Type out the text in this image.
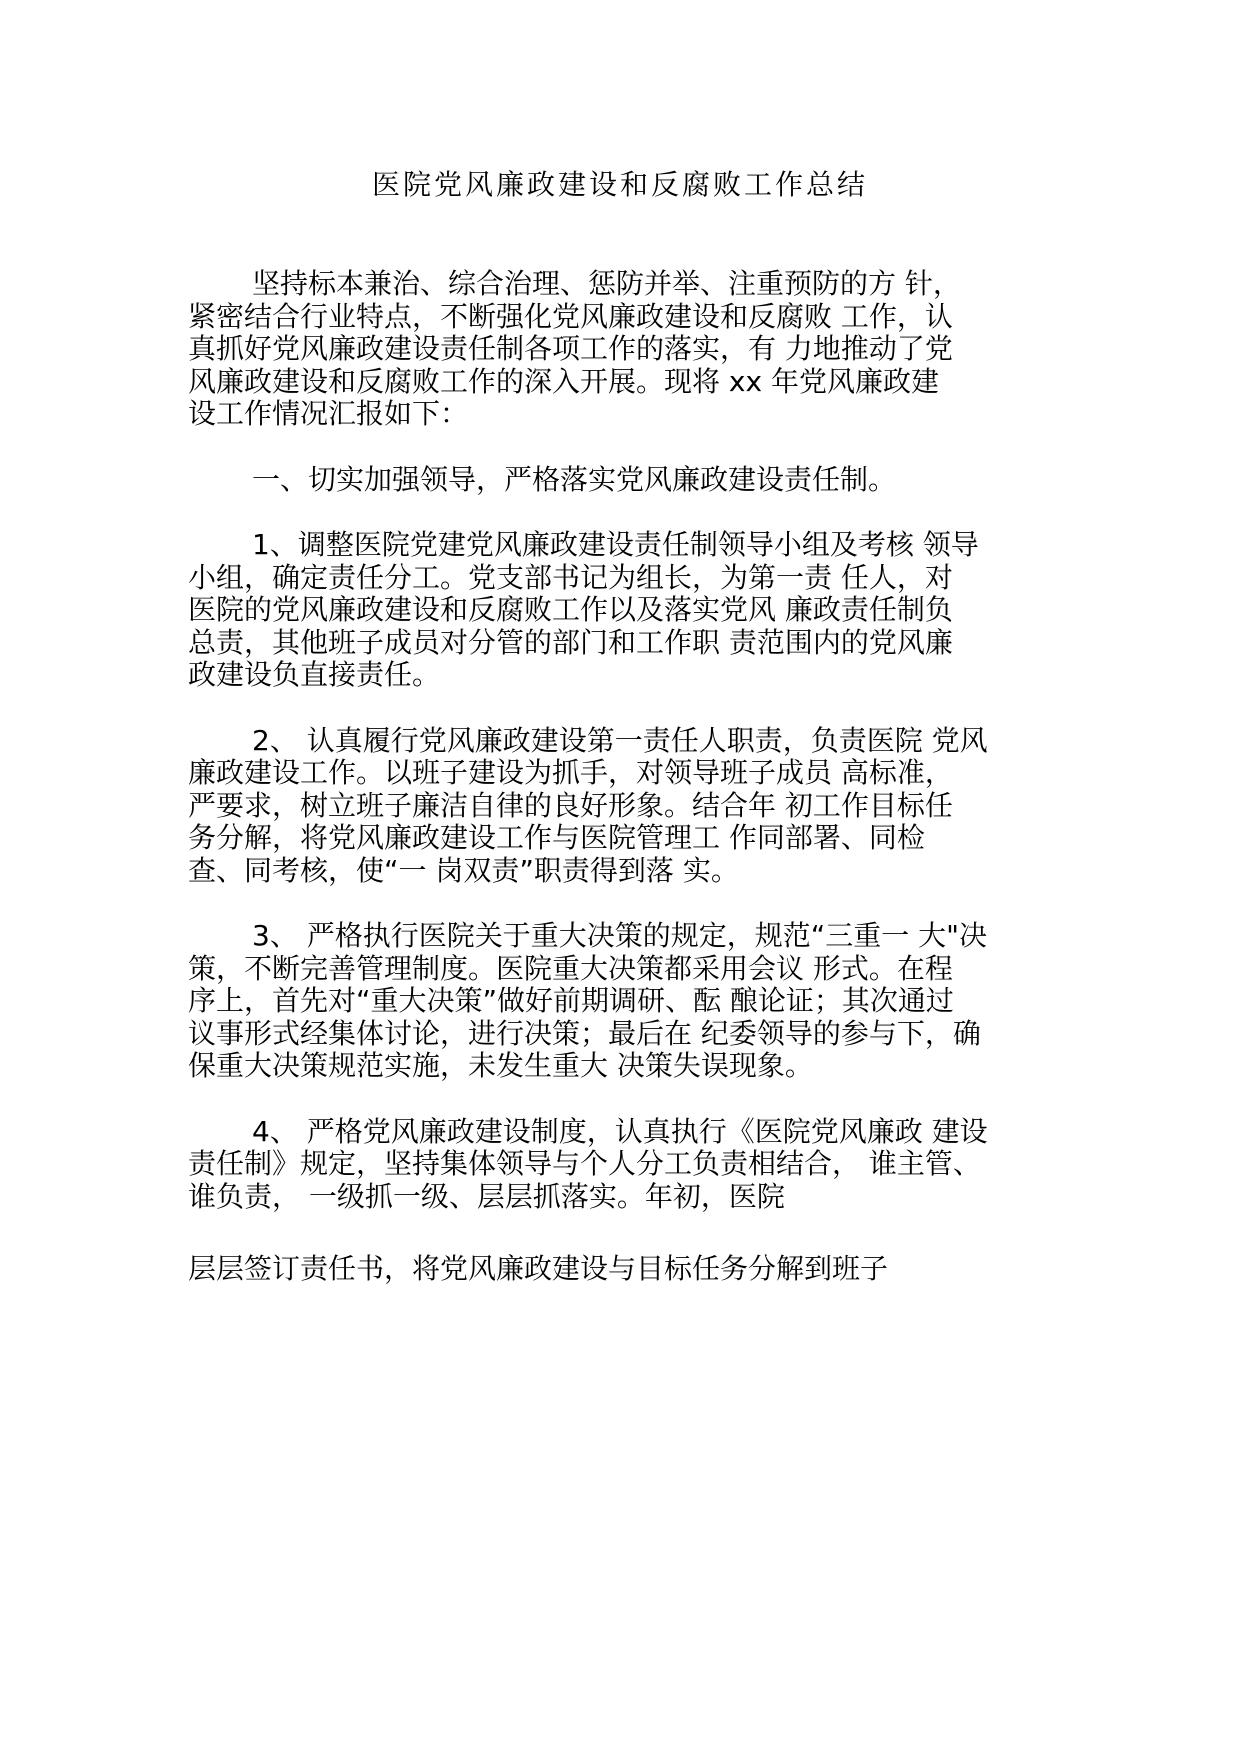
医院党风廉政建设和反腐败工作总结

坚持标本兼治、综合治理、惩防并举、注重预防的方 针，
紧密结合行业特点，不断强化党风廉政建设和反腐败 工作，认
真抓好党风廉政建设责任制各项工作的落实，有 力地推动了党
风廉政建设和反腐败工作的深入开展。现将 xx 年党风廉政建
设工作情况汇报如下：

一、切实加强领导，严格落实党风廉政建设责任制。

1、调整医院党建党风廉政建设责任制领导小组及考核 领导
小组，确定责任分工。党支部书记为组长，为第一责 任人，对
医院的党风廉政建设和反腐败工作以及落实党风 廉政责任制负
总责，其他班子成员对分管的部门和工作职 责范围内的党风廉
政建设负直接责任。

2、 认真履行党风廉政建设第一责任人职责，负责医院 党风
廉政建设工作。以班子建设为抓手，对领导班子成员 高标准，
严要求，树立班子廉洁自律的良好形象。结合年 初工作目标任
务分解，将党风廉政建设工作与医院管理工 作同部署、同检
查、同考核，使“一 岗双责”职责得到落 实。

3、 严格执行医院关于重大决策的规定，规范“三重一 大"决
策，不断完善管理制度。医院重大决策都采用会议 形式。在程
序上，首先对“重大决策”做好前期调研、酝 酿论证；其次通过
议事形式经集体讨论，进行决策；最后在 纪委领导的参与下，确
保重大决策规范实施，未发生重大 决策失误现象。

4、 严格党风廉政建设制度，认真执行《医院党风廉政 建设
责任制》规定，坚持集体领导与个人分工负责相结合， 谁主管、
谁负责， 一级抓一级、层层抓落实。年初，医院

层层签订责任书，将党风廉政建设与目标任务分解到班子
